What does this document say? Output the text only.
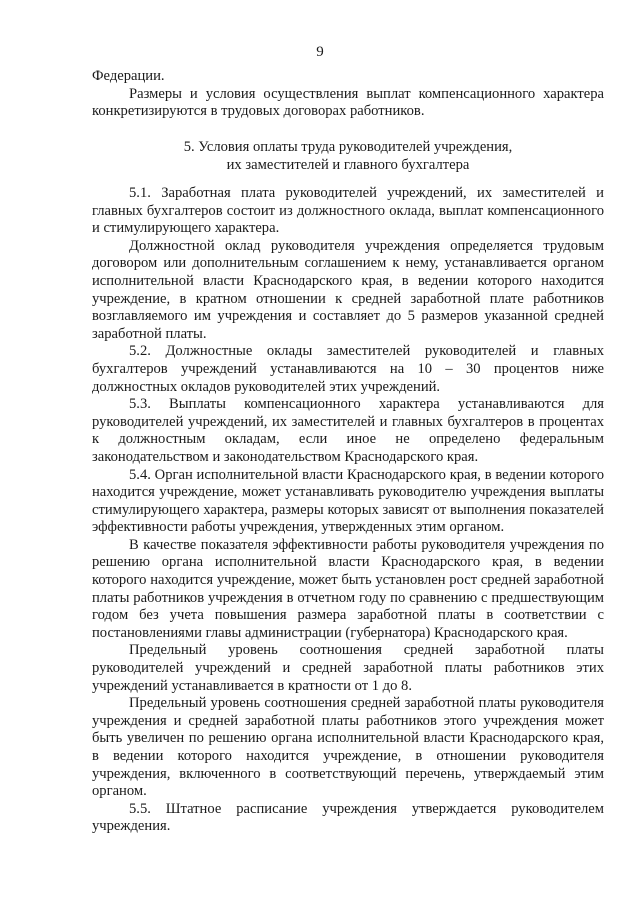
9

Федерации.

Размеры и условия осуществления выплат компенсационного характера конкретизируются в трудовых договорах работников.

5. Условия оплаты труда руководителей учреждения,
их заместителей и главного бухгалтера

5.1. Заработная плата руководителей учреждений, их заместителей и главных бухгалтеров состоит из должностного оклада, выплат компенсационного и стимулирующего характера.

Должностной оклад руководителя учреждения определяется трудовым договором или дополнительным соглашением к нему, устанавливается органом исполнительной власти Краснодарского края, в ведении которого находится учреждение, в кратном отношении к средней заработной плате работников возглавляемого им учреждения и составляет до 5 размеров указанной средней заработной платы.

5.2. Должностные оклады заместителей руководителей и главных бухгалтеров учреждений устанавливаются на 10 – 30 процентов ниже должностных окладов руководителей этих учреждений.

5.3. Выплаты компенсационного характера устанавливаются для руководителей учреждений, их заместителей и главных бухгалтеров в процентах к должностным окладам, если иное не определено федеральным законодательством и законодательством Краснодарского края.

5.4. Орган исполнительной власти Краснодарского края, в ведении которого находится учреждение, может устанавливать руководителю учреждения выплаты стимулирующего характера, размеры которых зависят от выполнения показателей эффективности работы учреждения, утвержденных этим органом.

В качестве показателя эффективности работы руководителя учреждения по решению органа исполнительной власти Краснодарского края, в ведении которого находится учреждение, может быть установлен рост средней заработной платы работников учреждения в отчетном году по сравнению с предшествующим годом без учета повышения размера заработной платы в соответствии с постановлениями главы администрации (губернатора) Краснодарского края.

Предельный уровень соотношения средней заработной платы руководителей учреждений и средней заработной платы работников этих учреждений устанавливается в кратности от 1 до 8.

Предельный уровень соотношения средней заработной платы руководителя учреждения и средней заработной платы работников этого учреждения может быть увеличен по решению органа исполнительной власти Краснодарского края, в ведении которого находится учреждение, в отношении руководителя учреждения, включенного в соответствующий перечень, утверждаемый этим органом.

5.5. Штатное расписание учреждения утверждается руководителем учреждения.
